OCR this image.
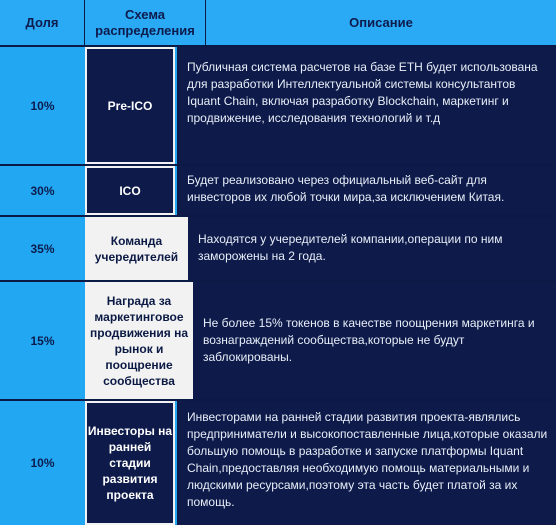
Доля
Схема распределения
Описание
10%	Pre-ICO
Публичная система расчетов на базе ETH будет использована для разработки Интеллектуальной системы консультантов Iquant Chain, включая разработку Blockchain, маркетинг и продвижение, исследования технологий и т.д
30%	ICO
Будет реализовано через официальный веб-сайт для инвесторов их любой точки мира,за исключением Китая.
35%
Команда учередителей
Находятся у учередителей компании,операции по ним заморожены на 2 года.
15%
Награда за маркетинговое продвижения на рынок и поощрение сообщества
Не более 15% токенов в качестве поощрения маркетинга и вознаграждений сообщества,которые не будут заблокированы.
10%
Инвесторы на ранней стадии развития проекта
Инвесторами на ранней стадии развития проекта-являлись предприниматели и высокопоставленные лица,которые оказали большую помощь в разработке и запуске платформы Iquant Chain,предоставляя необходимую помощь материальными и людскими ресурсами,поэтому эта часть будет платой за их помощь.
